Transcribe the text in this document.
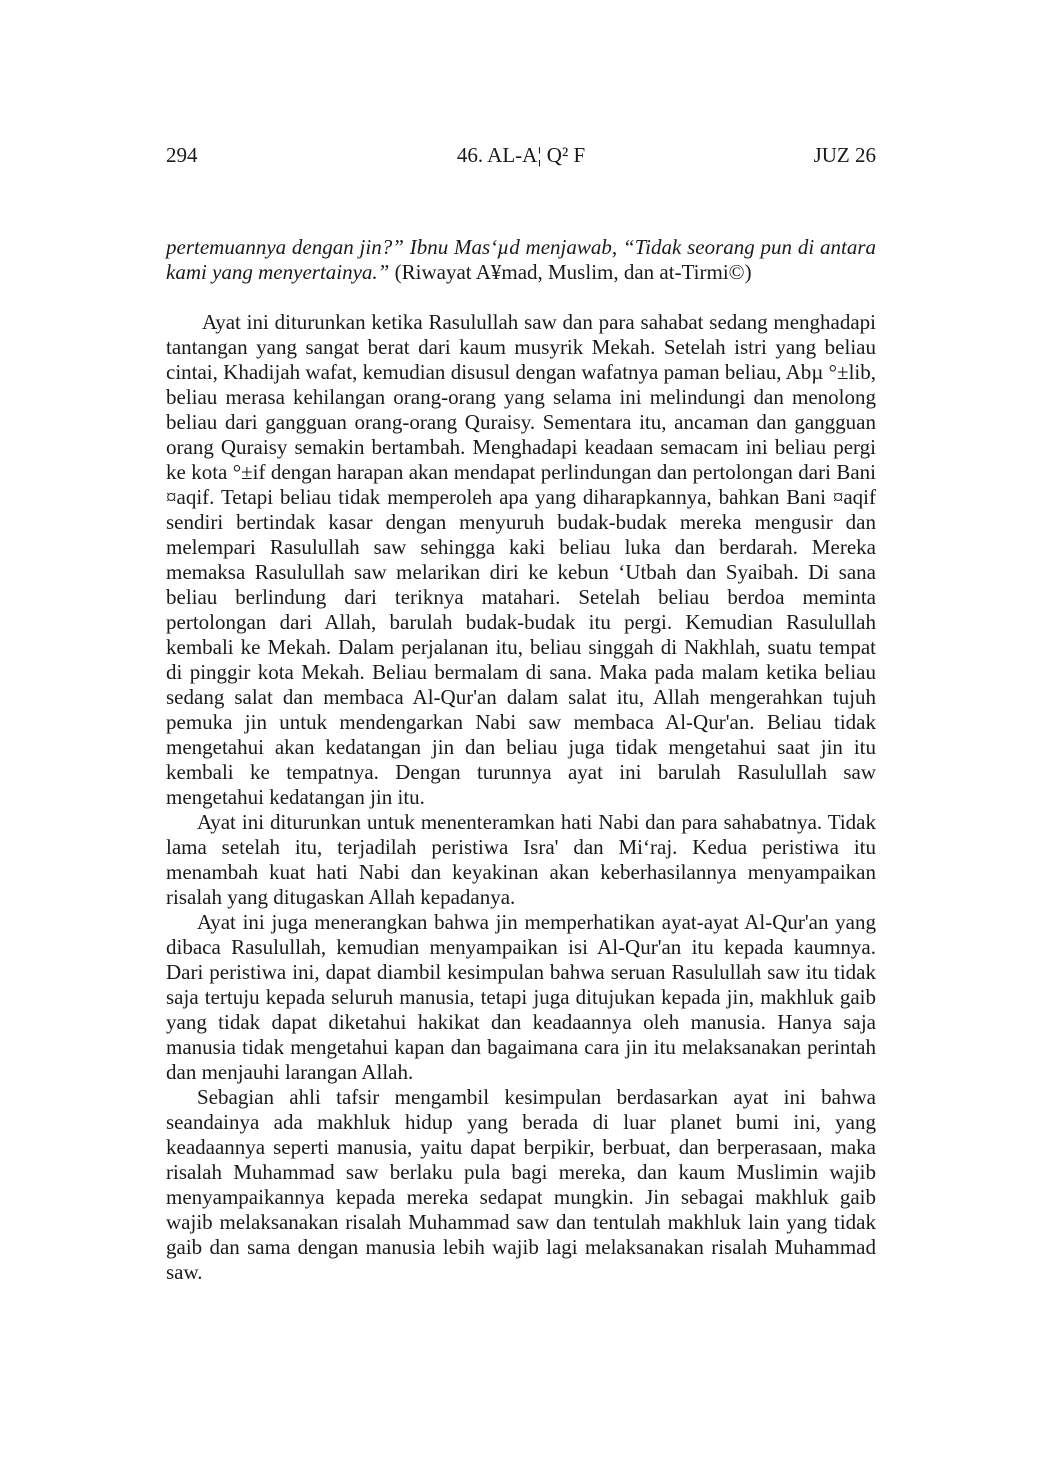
294	46. AL-A¦ Q² F	JUZ 26

pertemuannya dengan jin?” Ibnu Mas‘µd menjawab, “Tidak seorang pun di antara kami yang menyertainya.” (Riwayat A¥mad, Muslim, dan at-Tirmi©)

Ayat ini diturunkan ketika Rasulullah saw dan para sahabat sedang menghadapi tantangan yang sangat berat dari kaum musyrik Mekah. Setelah istri yang beliau cintai, Khadijah wafat, kemudian disusul dengan wafatnya paman beliau, Abµ °±lib, beliau merasa kehilangan orang-orang yang selama ini melindungi dan menolong beliau dari gangguan orang-orang Quraisy. Sementara itu, ancaman dan gangguan orang Quraisy semakin bertambah. Menghadapi keadaan semacam ini beliau pergi ke kota °±if dengan harapan akan mendapat perlindungan dan pertolongan dari Bani ¤aqif. Tetapi beliau tidak memperoleh apa yang diharapkannya, bahkan Bani ¤aqif sendiri bertindak kasar dengan menyuruh budak-budak mereka mengusir dan melempari Rasulullah saw sehingga kaki beliau luka dan berdarah. Mereka memaksa Rasulullah saw melarikan diri ke kebun ‘Utbah dan Syaibah. Di sana beliau berlindung dari teriknya matahari. Setelah beliau berdoa meminta pertolongan dari Allah, barulah budak-budak itu pergi. Kemudian Rasulullah kembali ke Mekah. Dalam perjalanan itu, beliau singgah di Nakhlah, suatu tempat di pinggir kota Mekah. Beliau bermalam di sana. Maka pada malam ketika beliau sedang salat dan membaca Al-Qur'an dalam salat itu, Allah mengerahkan tujuh pemuka jin untuk mendengarkan Nabi saw membaca Al-Qur'an. Beliau tidak mengetahui akan kedatangan jin dan beliau juga tidak mengetahui saat jin itu kembali ke tempatnya. Dengan turunnya ayat ini barulah Rasulullah saw mengetahui kedatangan jin itu.

Ayat ini diturunkan untuk menenteramkan hati Nabi dan para sahabatnya. Tidak lama setelah itu, terjadilah peristiwa Isra' dan Mi‘raj. Kedua peristiwa itu menambah kuat hati Nabi dan keyakinan akan keberhasilannya menyampaikan risalah yang ditugaskan Allah kepadanya.

Ayat ini juga menerangkan bahwa jin memperhatikan ayat-ayat Al-Qur'an yang dibaca Rasulullah, kemudian menyampaikan isi Al-Qur'an itu kepada kaumnya. Dari peristiwa ini, dapat diambil kesimpulan bahwa seruan Rasulullah saw itu tidak saja tertuju kepada seluruh manusia, tetapi juga ditujukan kepada jin, makhluk gaib yang tidak dapat diketahui hakikat dan keadaannya oleh manusia. Hanya saja manusia tidak mengetahui kapan dan bagaimana cara jin itu melaksanakan perintah dan menjauhi larangan Allah.

Sebagian ahli tafsir mengambil kesimpulan berdasarkan ayat ini bahwa seandainya ada makhluk hidup yang berada di luar planet bumi ini, yang keadaannya seperti manusia, yaitu dapat berpikir, berbuat, dan berperasaan, maka risalah Muhammad saw berlaku pula bagi mereka, dan kaum Muslimin wajib menyampaikannya kepada mereka sedapat mungkin. Jin sebagai makhluk gaib wajib melaksanakan risalah Muhammad saw dan tentulah makhluk lain yang tidak gaib dan sama dengan manusia lebih wajib lagi melaksanakan risalah Muhammad saw.
